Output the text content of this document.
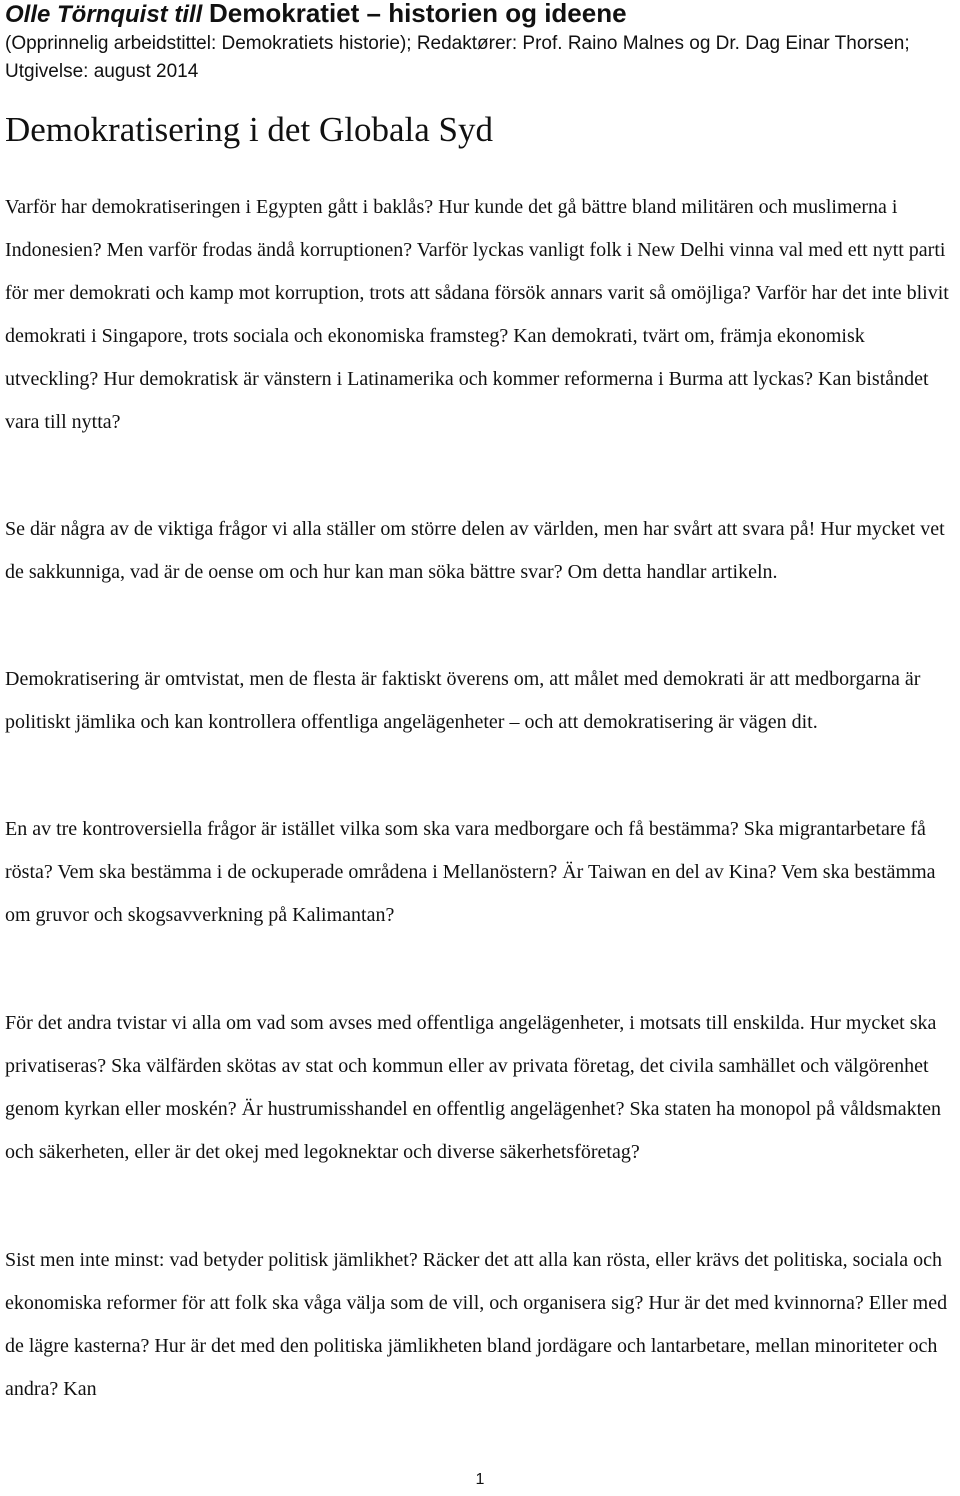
Olle Törnquist till Demokratiet – historien og ideene
(Opprinnelig arbeidstittel: Demokratiets historie); Redaktører: Prof. Raino Malnes og Dr. Dag Einar Thorsen; Utgivelse: august 2014
Demokratisering i det Globala Syd

Varför har demokratiseringen i Egypten gått i baklås? Hur kunde det gå bättre bland militären och muslimerna i Indonesien? Men varför frodas ändå korruptionen? Varför lyckas vanligt folk i New Delhi vinna val med ett nytt parti för mer demokrati och kamp mot korruption, trots att sådana försök annars varit så omöjliga? Varför har det inte blivit demokrati i Singapore, trots sociala och ekonomiska framsteg? Kan demokrati, tvärt om, främja ekonomisk utveckling? Hur demokratisk är vänstern i Latinamerika och kommer reformerna i Burma att lyckas? Kan biståndet vara till nytta?

Se där några av de viktiga frågor vi alla ställer om större delen av världen, men har svårt att svara på! Hur mycket vet de sakkunniga, vad är de oense om och hur kan man söka bättre svar? Om detta handlar artikeln.

Demokratisering är omtvistat, men de flesta är faktiskt överens om, att målet med demokrati är att medborgarna är politiskt jämlika och kan kontrollera offentliga angelägenheter – och att demokratisering är vägen dit.

En av tre kontroversiella frågor är istället vilka som ska vara medborgare och få bestämma? Ska migrantarbetare få rösta? Vem ska bestämma i de ockuperade områdena i Mellanöstern? Är Taiwan en del av Kina? Vem ska bestämma om gruvor och skogsavverkning på Kalimantan?

För det andra tvistar vi alla om vad som avses med offentliga angelägenheter, i motsats till enskilda. Hur mycket ska privatiseras? Ska välfärden skötas av stat och kommun eller av privata företag, det civila samhället och välgörenhet genom kyrkan eller moskén? Är hustrumisshandel en offentlig angelägenhet? Ska staten ha monopol på våldsmakten och säkerheten, eller är det okej med legoknektar och diverse säkerhetsföretag?

Sist men inte minst: vad betyder politisk jämlikhet? Räcker det att alla kan rösta, eller krävs det politiska, sociala och ekonomiska reformer för att folk ska våga välja som de vill, och organisera sig? Hur är det med kvinnorna? Eller med de lägre kasterna? Hur är det med den politiska jämlikheten bland jordägare och lantarbetare, mellan minoriteter och andra? Kan

1
